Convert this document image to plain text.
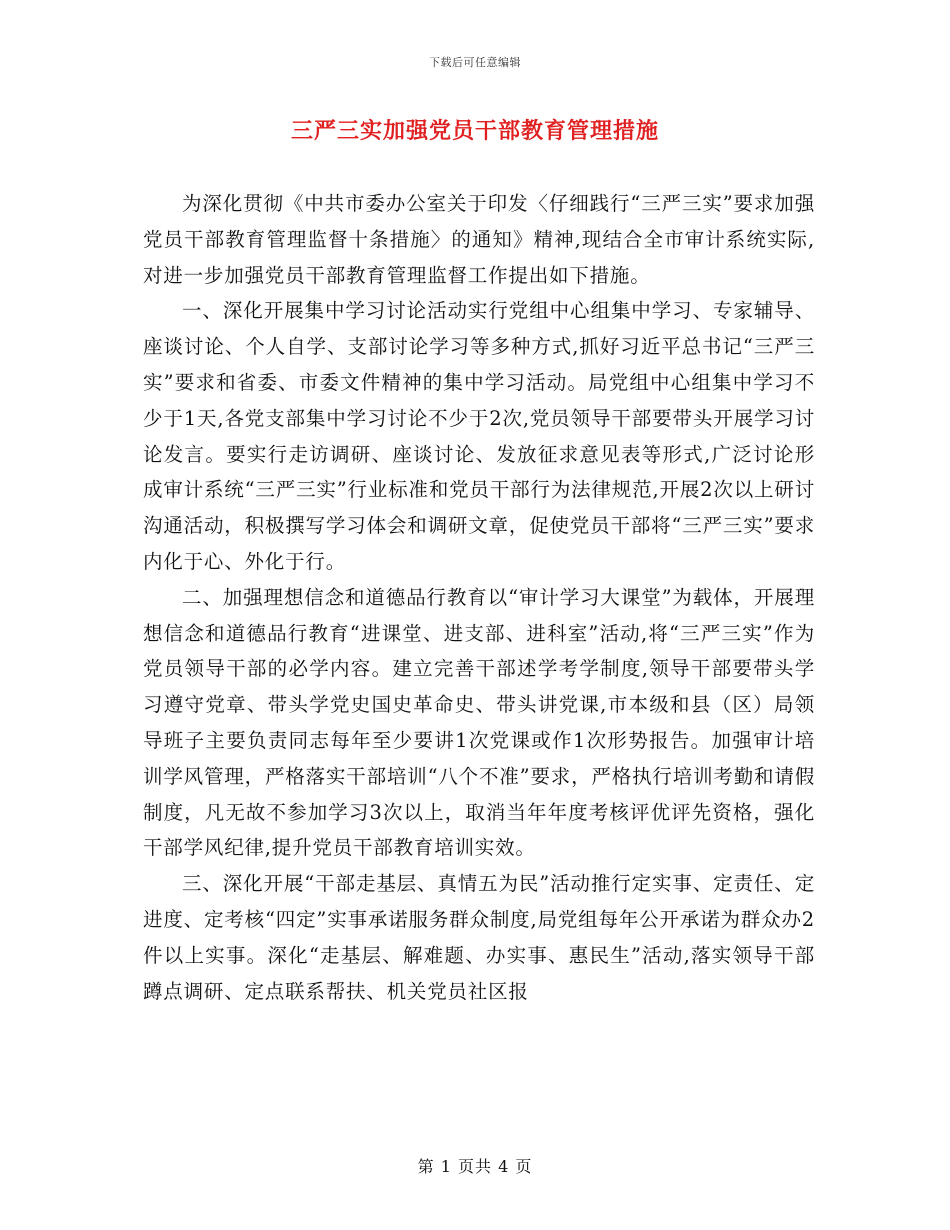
下载后可任意编辑
三严三实加强党员干部教育管理措施

为深化贯彻《中共市委办公室关于印发〈仔细践行“三严三实”要求加强党员干部教育管理监督十条措施〉的通知》精神,现结合全市审计系统实际,对进一步加强党员干部教育管理监督工作提出如下措施。

一、深化开展集中学习讨论活动实行党组中心组集中学习、专家辅导、座谈讨论、个人自学、支部讨论学习等多种方式,抓好习近平总书记“三严三实”要求和省委、市委文件精神的集中学习活动。局党组中心组集中学习不少于1天,各党支部集中学习讨论不少于2次,党员领导干部要带头开展学习讨论发言。要实行走访调研、座谈讨论、发放征求意见表等形式,广泛讨论形成审计系统“三严三实”行业标准和党员干部行为法律规范,开展2次以上研讨沟通活动，积极撰写学习体会和调研文章，促使党员干部将“三严三实”要求内化于心、外化于行。

二、加强理想信念和道德品行教育以“审计学习大课堂”为载体，开展理想信念和道德品行教育“进课堂、进支部、进科室”活动,将“三严三实”作为党员领导干部的必学内容。建立完善干部述学考学制度,领导干部要带头学习遵守党章、带头学党史国史革命史、带头讲党课,市本级和县（区）局领导班子主要负责同志每年至少要讲1次党课或作1次形势报告。加强审计培训学风管理，严格落实干部培训“八个不准”要求，严格执行培训考勤和请假制度，凡无故不参加学习3次以上，取消当年年度考核评优评先资格，强化干部学风纪律,提升党员干部教育培训实效。

三、深化开展“干部走基层、真情五为民”活动推行定实事、定责任、定进度、定考核“四定”实事承诺服务群众制度,局党组每年公开承诺为群众办2件以上实事。深化“走基层、解难题、办实事、惠民生”活动,落实领导干部蹲点调研、定点联系帮扶、机关党员社区报

第 1 页共 4 页
